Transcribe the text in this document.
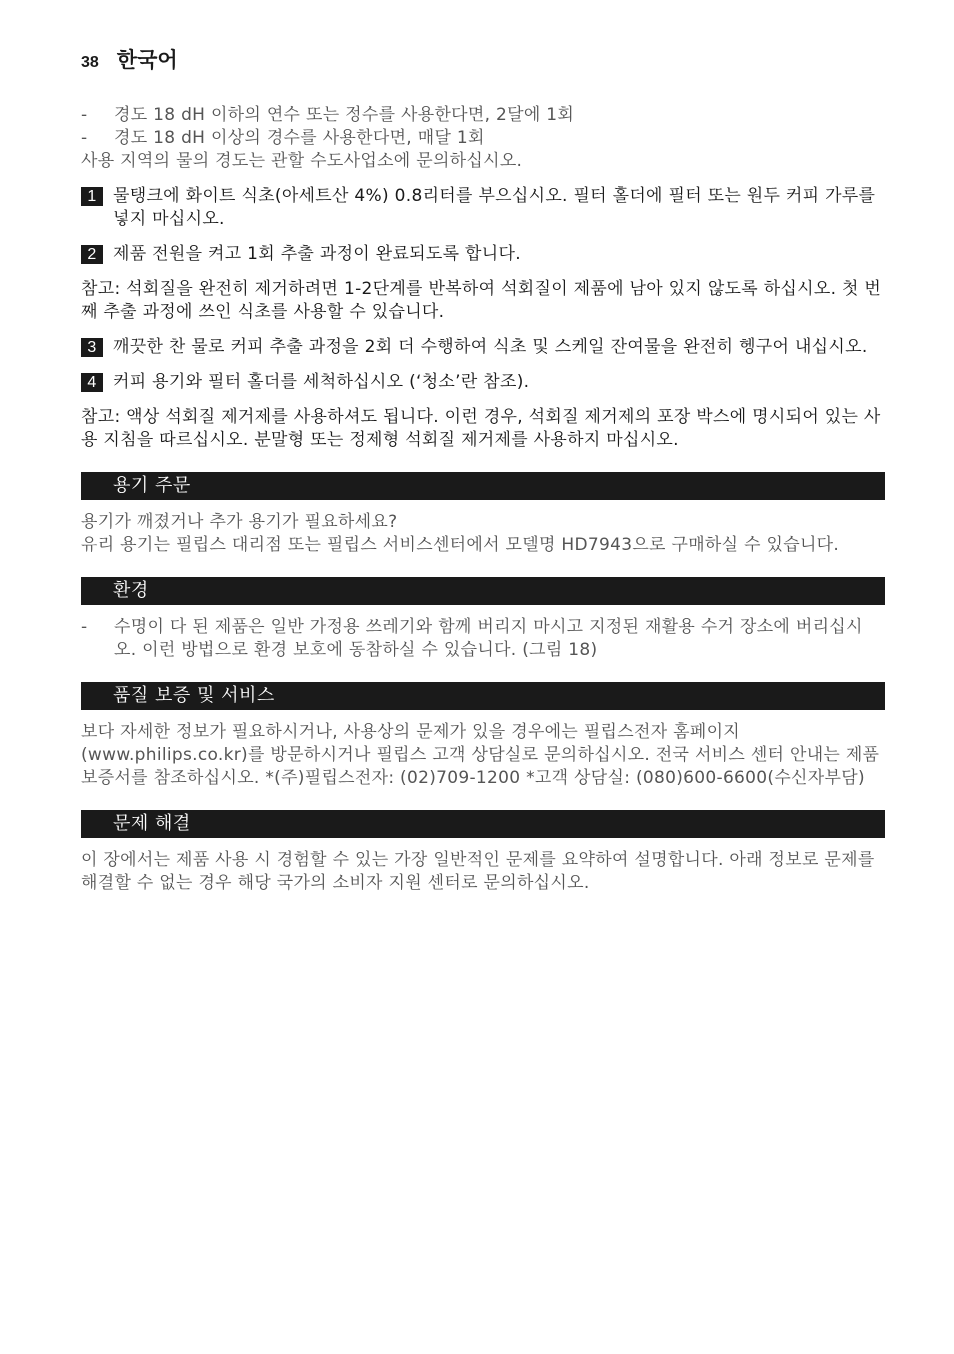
38 한국어
- 경도 18 dH 이하의 연수 또는 정수를 사용한다면, 2달에 1회
- 경도 18 dH 이상의 경수를 사용한다면, 매달 1회
사용 지역의 물의 경도는 관할 수도사업소에 문의하십시오.
1 물탱크에 화이트 식초(아세트산 4%) 0.8리터를 부으십시오. 필터 홀더에 필터 또는 원두 커피 가루를 넣지 마십시오.
2 제품 전원을 켜고 1회 추출 과정이 완료되도록 합니다.
참고: 석회질을 완전히 제거하려면 1-2단계를 반복하여 석회질이 제품에 남아 있지 않도록 하십시오. 첫 번째 추출 과정에 쓰인 식초를 사용할 수 있습니다.
3 깨끗한 찬 물로 커피 추출 과정을 2회 더 수행하여 식초 및 스케일 잔여물을 완전히 헹구어 내십시오.
4 커피 용기와 필터 홀더를 세척하십시오 (‘청소’란 참조).
참고: 액상 석회질 제거제를 사용하셔도 됩니다. 이런 경우, 석회질 제거제의 포장 박스에 명시되어 있는 사용 지침을 따르십시오. 분말형 또는 정제형 석회질 제거제를 사용하지 마십시오.
용기 주문
용기가 깨졌거나 추가 용기가 필요하세요?
유리 용기는 필립스 대리점 또는 필립스 서비스센터에서 모델명 HD7943으로 구매하실 수 있습니다.
환경
- 수명이 다 된 제품은 일반 가정용 쓰레기와 함께 버리지 마시고 지정된 재활용 수거 장소에 버리십시오. 이런 방법으로 환경 보호에 동참하실 수 있습니다. (그림 18)
품질 보증 및 서비스
보다 자세한 정보가 필요하시거나, 사용상의 문제가 있을 경우에는 필립스전자 홈페이지(www.philips.co.kr)를 방문하시거나 필립스 고객 상담실로 문의하십시오. 전국 서비스 센터 안내는 제품 보증서를 참조하십시오. *(주)필립스전자: (02)709-1200 *고객 상담실: (080)600-6600(수신자부담)
문제 해결
이 장에서는 제품 사용 시 경험할 수 있는 가장 일반적인 문제를 요약하여 설명합니다. 아래 정보로 문제를 해결할 수 없는 경우 해당 국가의 소비자 지원 센터로 문의하십시오.
